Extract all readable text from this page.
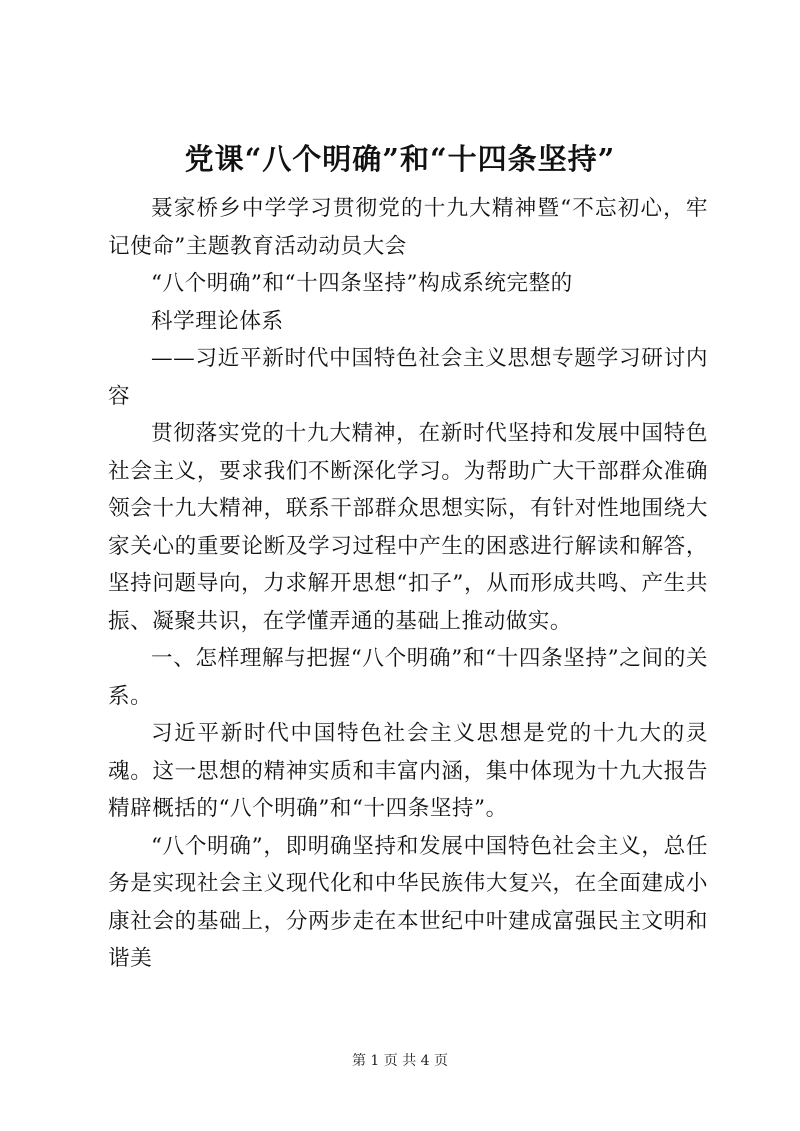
党课“八个明确”和“十四条坚持”

聂家桥乡中学学习贯彻党的十九大精神暨“不忘初心，牢记使命”主题教育活动动员大会

“八个明确”和“十四条坚持”构成系统完整的

科学理论体系

——习近平新时代中国特色社会主义思想专题学习研讨内容

贯彻落实党的十九大精神，在新时代坚持和发展中国特色社会主义，要求我们不断深化学习。为帮助广大干部群众准确领会十九大精神，联系干部群众思想实际，有针对性地围绕大家关心的重要论断及学习过程中产生的困惑进行解读和解答，坚持问题导向，力求解开思想“扣子”，从而形成共鸣、产生共振、凝聚共识，在学懂弄通的基础上推动做实。

一、怎样理解与把握“八个明确”和“十四条坚持”之间的关系。

习近平新时代中国特色社会主义思想是党的十九大的灵魂。这一思想的精神实质和丰富内涵，集中体现为十九大报告精辟概括的“八个明确”和“十四条坚持”。

“八个明确”，即明确坚持和发展中国特色社会主义，总任务是实现社会主义现代化和中华民族伟大复兴，在全面建成小康社会的基础上，分两步走在本世纪中叶建成富强民主文明和谐美

第 1 页 共 4 页
